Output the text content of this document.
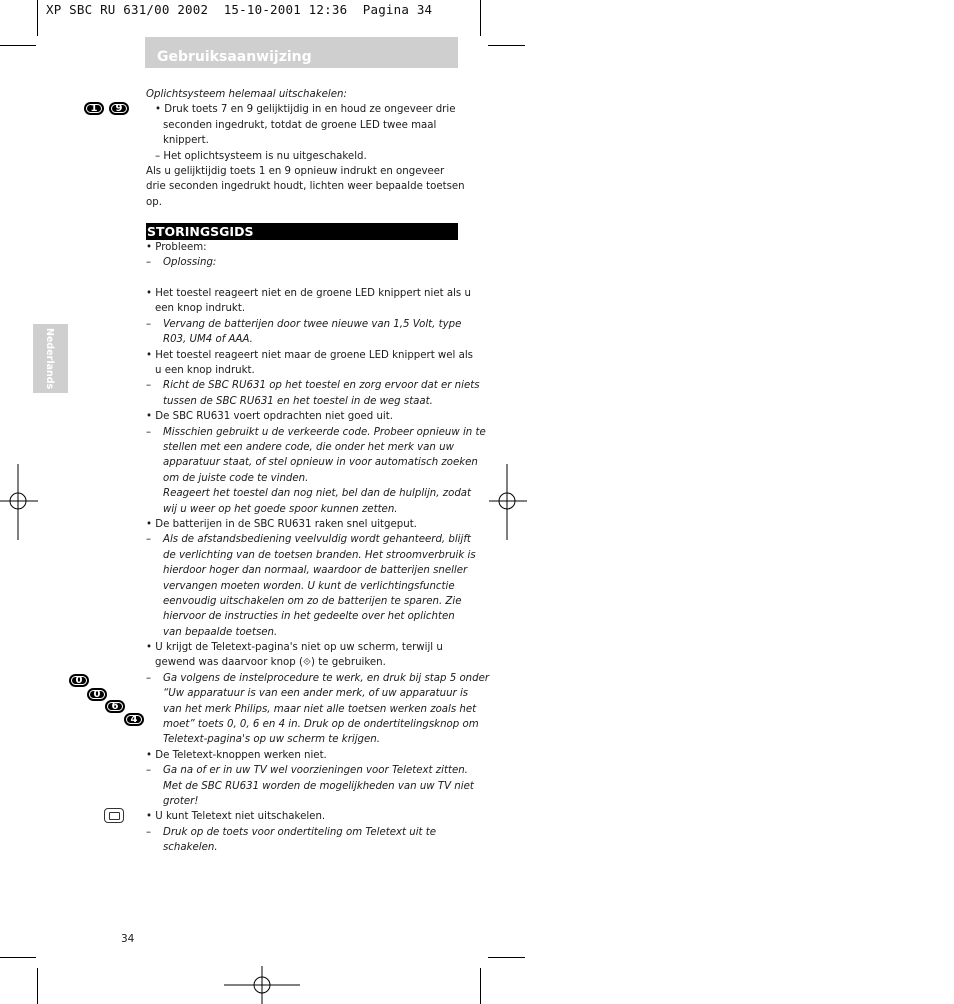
XP SBC RU 631/00 2002  15-10-2001 12:36  Pagina 34
Gebruiksaanwijzing
Nederlands
1	9
0
0
6
4
Oplichtsysteem helemaal uitschakelen:
• Druk toets 7 en 9 gelijktijdig in en houd ze ongeveer drie
seconden ingedrukt, totdat de groene LED twee maal
knippert.
– Het oplichtsysteem is nu uitgeschakeld.
Als u gelijktijdig toets 1 en 9 opnieuw indrukt en ongeveer
drie seconden ingedrukt houdt, lichten weer bepaalde toetsen
op.
STORINGSGIDS
• Probleem:
– Oplossing:
• Het toestel reageert niet en de groene LED knippert niet als u
een knop indrukt.
– Vervang de batterijen door twee nieuwe van 1,5 Volt, type
R03, UM4 of AAA.
• Het toestel reageert niet maar de groene LED knippert wel als
u een knop indrukt.
– Richt de SBC RU631 op het toestel en zorg ervoor dat er niets
tussen de SBC RU631 en het toestel in de weg staat.
• De SBC RU631 voert opdrachten niet goed uit.
– Misschien gebruikt u de verkeerde code. Probeer opnieuw in te
stellen met een andere code, die onder het merk van uw
apparatuur staat, of stel opnieuw in voor automatisch zoeken
om de juiste code te vinden.
Reageert het toestel dan nog niet, bel dan de hulplijn, zodat
wij u weer op het goede spoor kunnen zetten.
• De batterijen in de SBC RU631 raken snel uitgeput.
– Als de afstandsbediening veelvuldig wordt gehanteerd, blijft
de verlichting van de toetsen branden. Het stroomverbruik is
hierdoor hoger dan normaal, waardoor de batterijen sneller
vervangen moeten worden. U kunt de verlichtingsfunctie
eenvoudig uitschakelen om zo de batterijen te sparen. Zie
hiervoor de instructies in het gedeelte over het oplichten
van bepaalde toetsen.
• U krijgt de Teletext-pagina's niet op uw scherm, terwijl u
gewend was daarvoor knop (⟐) te gebruiken.
– Ga volgens de instelprocedure te werk, en druk bij stap 5 onder
“Uw apparatuur is van een ander merk, of uw apparatuur is
van het merk Philips, maar niet alle toetsen werken zoals het
moet” toets 0, 0, 6 en 4 in. Druk op de ondertitelingsknop om
Teletext-pagina's op uw scherm te krijgen.
• De Teletext-knoppen werken niet.
– Ga na of er in uw TV wel voorzieningen voor Teletext zitten.
Met de SBC RU631 worden de mogelijkheden van uw TV niet
groter!
• U kunt Teletext niet uitschakelen.
– Druk op de toets voor ondertiteling om Teletext uit te
schakelen.
34
